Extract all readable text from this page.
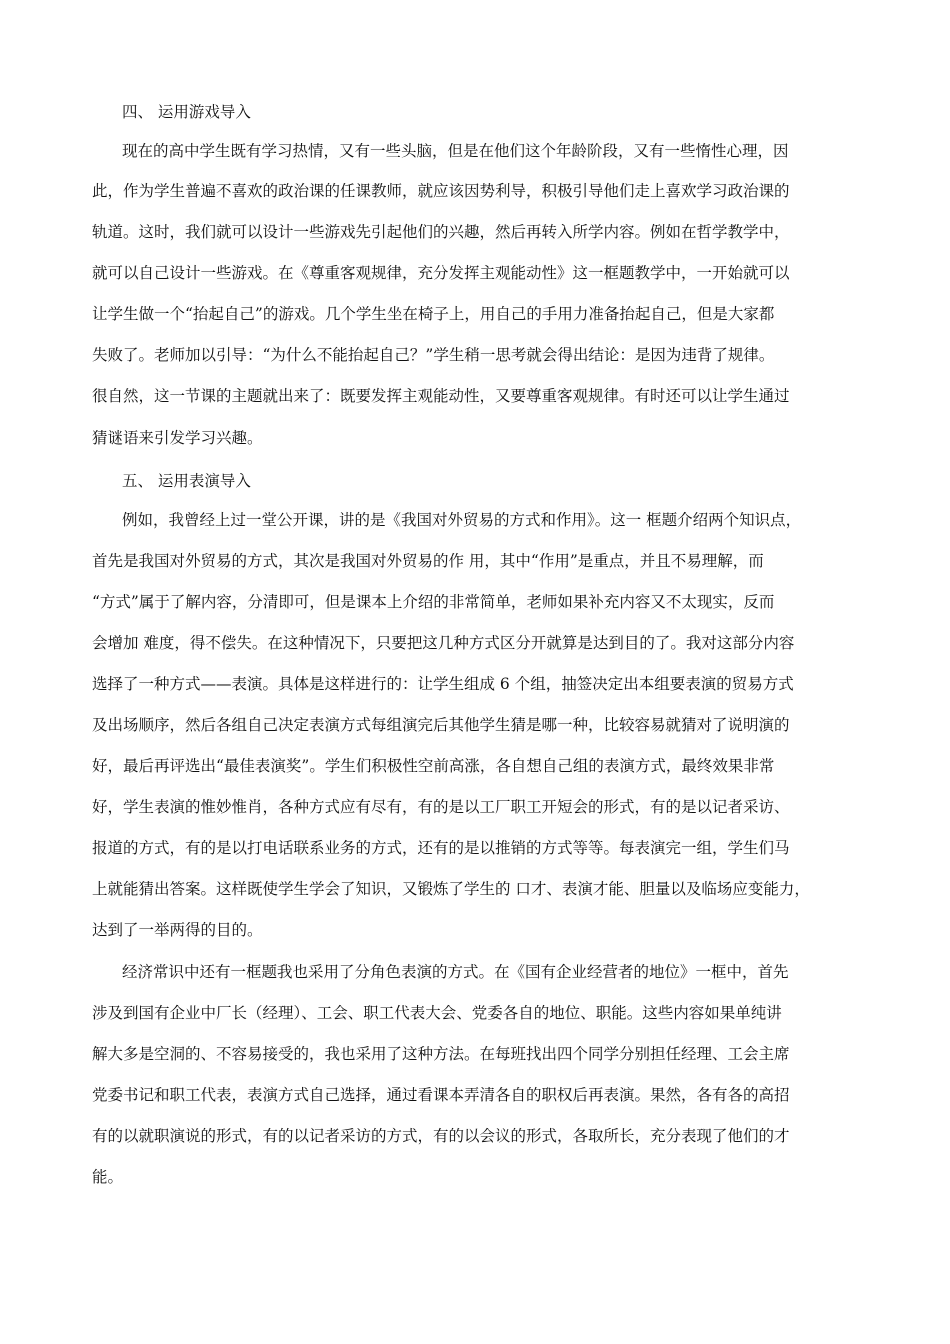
四、 运用游戏导入
现在的高中学生既有学习热情，又有一些头脑，但是在他们这个年龄阶段，又有一些惰性心理，因
此，作为学生普遍不喜欢的政治课的任课教师，就应该因势利导，积极引导他们走上喜欢学习政治课的
轨道。这时，我们就可以设计一些游戏先引起他们的兴趣，然后再转入所学内容。例如在哲学教学中，
就可以自己设计一些游戏。在《尊重客观规律，充分发挥主观能动性》这一框题教学中，一开始就可以
让学生做一个“抬起自己”的游戏。几个学生坐在椅子上，用自己的手用力准备抬起自己，但是大家都
失败了。老师加以引导：“为什么不能抬起自己？”学生稍一思考就会得出结论：是因为违背了规律。
很自然，这一节课的主题就出来了：既要发挥主观能动性，又要尊重客观规律。有时还可以让学生通过
猜谜语来引发学习兴趣。
五、 运用表演导入
例如，我曾经上过一堂公开课，讲的是《我国对外贸易的方式和作用》。这一 框题介绍两个知识点，
首先是我国对外贸易的方式，其次是我国对外贸易的作 用，其中“作用”是重点，并且不易理解，而
“方式”属于了解内容，分清即可，但是课本上介绍的非常简单，老师如果补充内容又不太现实，反而
会增加 难度，得不偿失。在这种情况下，只要把这几种方式区分开就算是达到目的了。我对这部分内容
选择了一种方式——表演。具体是这样进行的：让学生组成 6 个组，抽签决定出本组要表演的贸易方式
及出场顺序，然后各组自己决定表演方式每组演完后其他学生猜是哪一种，比较容易就猜对了说明演的
好，最后再评选出“最佳表演奖”。学生们积极性空前高涨，各自想自己组的表演方式，最终效果非常
好，学生表演的惟妙惟肖，各种方式应有尽有，有的是以工厂职工开短会的形式，有的是以记者采访、
报道的方式，有的是以打电话联系业务的方式，还有的是以推销的方式等等。每表演完一组，学生们马
上就能猜出答案。这样既使学生学会了知识，又锻炼了学生的 口才、表演才能、胆量以及临场应变能力，
达到了一举两得的目的。
经济常识中还有一框题我也采用了分角色表演的方式。在《国有企业经营者的地位》一框中，首先
涉及到国有企业中厂长（经理）、工会、职工代表大会、党委各自的地位、职能。这些内容如果单纯讲
解大多是空洞的、不容易接受的，我也采用了这种方法。在每班找出四个同学分别担任经理、工会主席
党委书记和职工代表，表演方式自己选择，通过看课本弄清各自的职权后再表演。果然，各有各的高招
有的以就职演说的形式，有的以记者采访的方式，有的以会议的形式，各取所长，充分表现了他们的才
能。
